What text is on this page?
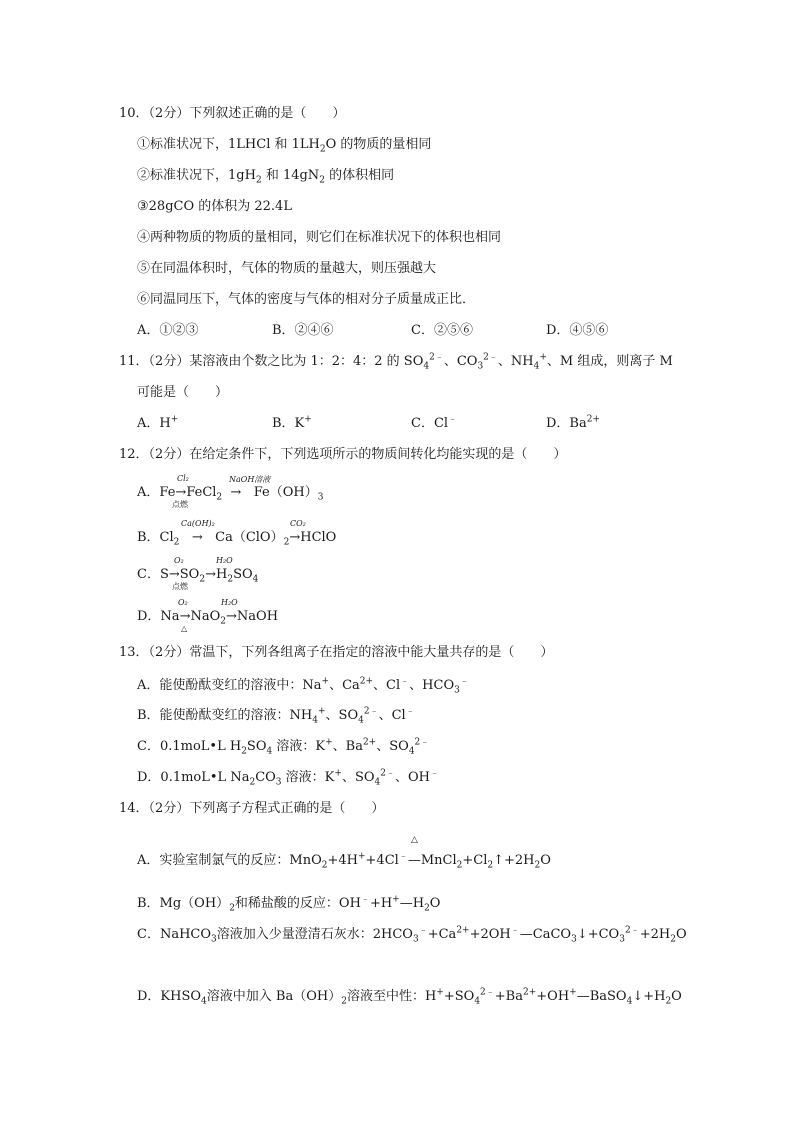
10．（2分）下列叙述正确的是（　　）
①标准状况下，1LHCl 和 $1LH_2O$ 的物质的量相同
②标准状况下，$1gH_2$ 和 $14gN_2$ 的体积相同
③28gCO 的体积为 22.4L
④两种物质的物质的量相同，则它们在标准状况下的体积也相同
⑤在同温体积时，气体的物质的量越大，则压强越大
⑥同温同压下，气体的密度与气体的相对分子质量成正比．
A．①②③	B．②④⑥	C．②⑤⑥	D．④⑤⑥
11．（2分）某溶液由个数之比为 1：2：4：2 的 $SO_4^{2﹣}$、$CO_3^{2﹣}$、$NH_4^+$、M 组成，则离子 M
可能是（　　）
A．H+	B．K+	C．Cl﹣	D．$Ba^{2+}$
12．（2分）在给定条件下，下列选项所示的物质间转化均能实现的是（　　）
Cl₂
点燃
NaOH溶液
A．Fe→FeCl$_2$ → $Fe(OH)_3$
Ca(OH)₂	CO₂
B．$Cl_2$ → $Ca(ClO)_2\to HClO$
O₂
点燃
H₂O
C．$S\to SO_2\to H_2SO_4$
O₂
△
H₂O
D．Na→NaO$_2$→NaOH
13．（2分）常温下，下列各组离子在指定的溶液中能大量共存的是（　　）
A．能使酚酞变红的溶液中：Na+、$Ca^{2+}$、Cl﹣、$HCO_3^﹣$
B．能使酚酞变红的溶液：$NH_4^+$、$SO_4^{2﹣}$、Cl﹣
C．0.1moL•L $H_2SO_4$ 溶液：K+、$Ba^{2+}$、$SO_4^{2﹣}$
D．0.1moL•L $Na_2CO_3$ 溶液：K+、$SO_4^{2﹣}$、OH﹣
14．（2分）下列离子方程式正确的是（　　）
△
A．实验室制氯气的反应：$MnO_2+4H^++4Cl^﹣—MnCl_2+Cl_2↑+2H_2O$
B．$Mg(OH)_2$和稀盐酸的反应：$OH^﹣+H^+—H_2O$
C．NaHCO$_3$溶液加入少量澄清石灰水：$2HCO_3^﹣+Ca^{2+}+2OH^﹣—CaCO_3↓+CO_3^{2﹣}+2H_2O$
D．$KHSO_4$溶液中加入 $Ba(OH)_2$溶液至中性：$H^++SO_4^{2﹣}+Ba^{2+}+OH^+—BaSO_4↓+H_2O$
